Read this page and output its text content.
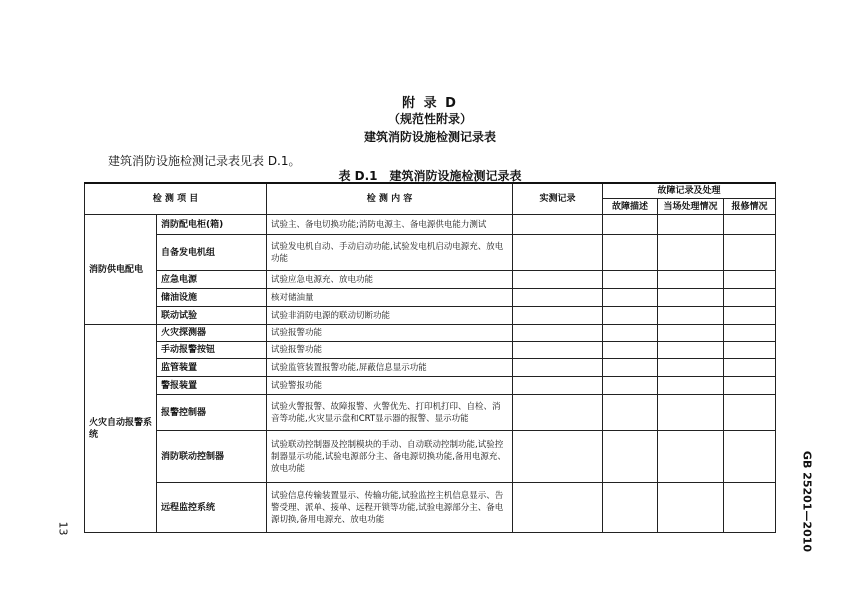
附 录 D
（规范性附录）
建筑消防设施检测记录表
建筑消防设施检测记录表见表 D.1。
表 D.1　建筑消防设施检测记录表
检 测 项 目		检 测 内 容	实测记录	故障记录及处理		
				故障描述	当场处理情况	报修情况
消防供电配电	消防配电柜(箱)	试验主、备电切换功能;消防电源主、备电源供电能力测试				
	自备发电机组	试验发电机自动、手动启动功能,试验发电机启动电源充、放电功能				
	应急电源	试验应急电源充、放电功能				
	储油设施	核对储油量				
	联动试验	试验非消防电源的联动切断功能				
火灾自动报警系统	火灾探测器	试验报警功能				
	手动报警按钮	试验报警功能				
	监管装置	试验监管装置报警功能,屏蔽信息显示功能				
	警报装置	试验警报功能				
	报警控制器	试验火警报警、故障报警、火警优先、打印机打印、自检、消音等功能,火灾显示盘和CRT显示器的报警、显示功能				
	消防联动控制器	试验联动控制器及控制模块的手动、自动联动控制功能,试验控制器显示功能,试验电源部分主、备电源切换功能,备用电源充、放电功能				
	远程监控系统	试验信息传输装置显示、传输功能,试验监控主机信息显示、告警受理、派单、接单、远程开锁等功能,试验电源部分主、备电源切换,备用电源充、放电功能				
13	GB 25201—2010
